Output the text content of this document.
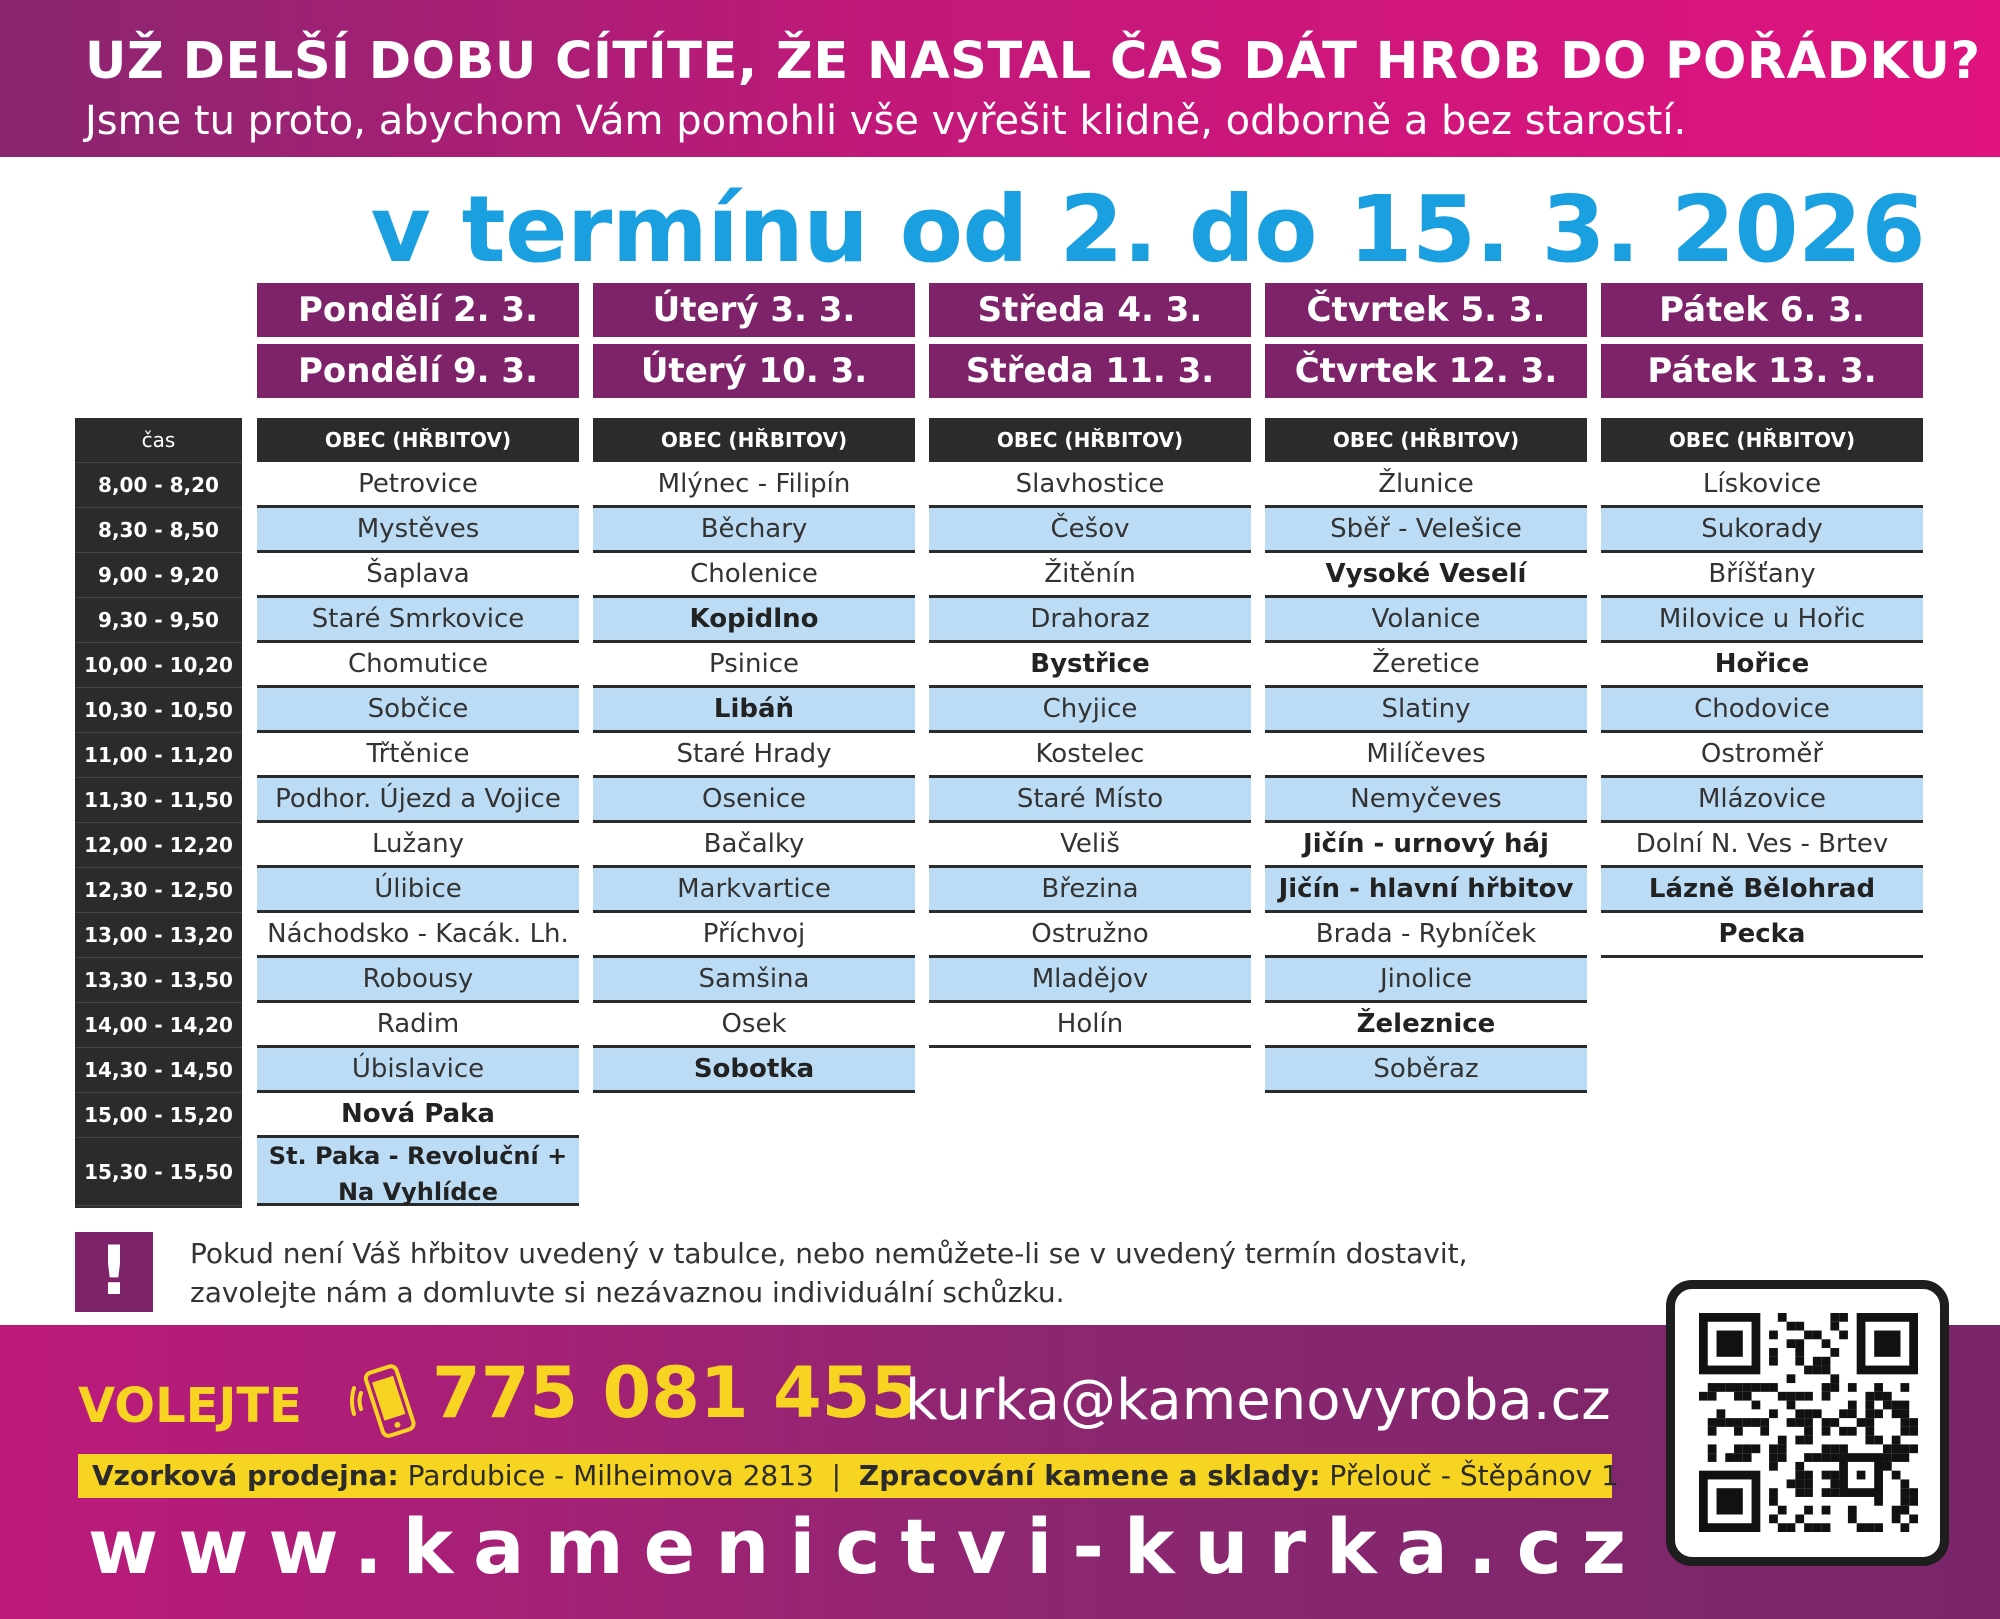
UŽ DELŠÍ DOBU CÍTÍTE, ŽE NASTAL ČAS DÁT HROB DO POŘÁDKU?

Jsme tu proto, abychom Vám pomohli vše vyřešit klidně, odborně a bez starostí.

v termínu od 2. do 15. 3. 2026
Pondělí 2. 3.
Pondělí 9. 3.
Úterý 3. 3.
Úterý 10. 3.
Středa 4. 3.
Středa 11. 3.
Čtvrtek 5. 3.
Čtvrtek 12. 3.
Pátek 6. 3.
Pátek 13. 3.
čas
8,00 - 8,20
8,30 - 8,50
9,00 - 9,20
9,30 - 9,50
10,00 - 10,20
10,30 - 10,50
11,00 - 11,20
11,30 - 11,50
12,00 - 12,20
12,30 - 12,50
13,00 - 13,20
13,30 - 13,50
14,00 - 14,20
14,30 - 14,50
15,00 - 15,20
15,30 - 15,50
OBEC (HŘBITOV)
Petrovice
Mystěves
Šaplava
Staré Smrkovice
Chomutice
Sobčice
Třtěnice
Podhor. Újezd a Vojice
Lužany
Úlibice
Náchodsko - Kacák. Lh.
Robousy
Radim
Úbislavice
Nová Paka
St. Paka - Revoluční + Na Vyhlídce
OBEC (HŘBITOV)
Mlýnec - Filipín
Běchary
Cholenice
Kopidlno
Psinice
Libáň
Staré Hrady
Osenice
Bačalky
Markvartice
Příchvoj
Samšina
Osek
Sobotka
OBEC (HŘBITOV)
Slavhostice
Češov
Žitěnín
Drahoraz
Bystřice
Chyjice
Kostelec
Staré Místo
Veliš
Březina
Ostružno
Mladějov
Holín
OBEC (HŘBITOV)
Žlunice
Sběř - Velešice
Vysoké Veselí
Volanice
Žeretice
Slatiny
Milíčeves
Nemyčeves
Jičín - urnový háj
Jičín - hlavní hřbitov
Brada - Rybníček
Jinolice
Železnice
Soběraz
OBEC (HŘBITOV)
Lískovice
Sukorady
Bříšťany
Milovice u Hořic
Hořice
Chodovice
Ostroměř
Mlázovice
Dolní N. Ves - Brtev
Lázně Bělohrad
Pecka
!	Pokud není Váš hřbitov uvedený v tabulce, nebo nemůžete-li se v uvedený termín dostavit,
zavolejte nám a domluvte si nezávaznou individuální schůzku.
VOLEJTE 775 081 455
kurka@kamenovyroba.cz
Vzorková prodejna: Pardubice - Milheimova 2813 | Zpracování kamene a sklady: Přelouč - Štěpánov 1
www.kamenictvi-kurka.cz
